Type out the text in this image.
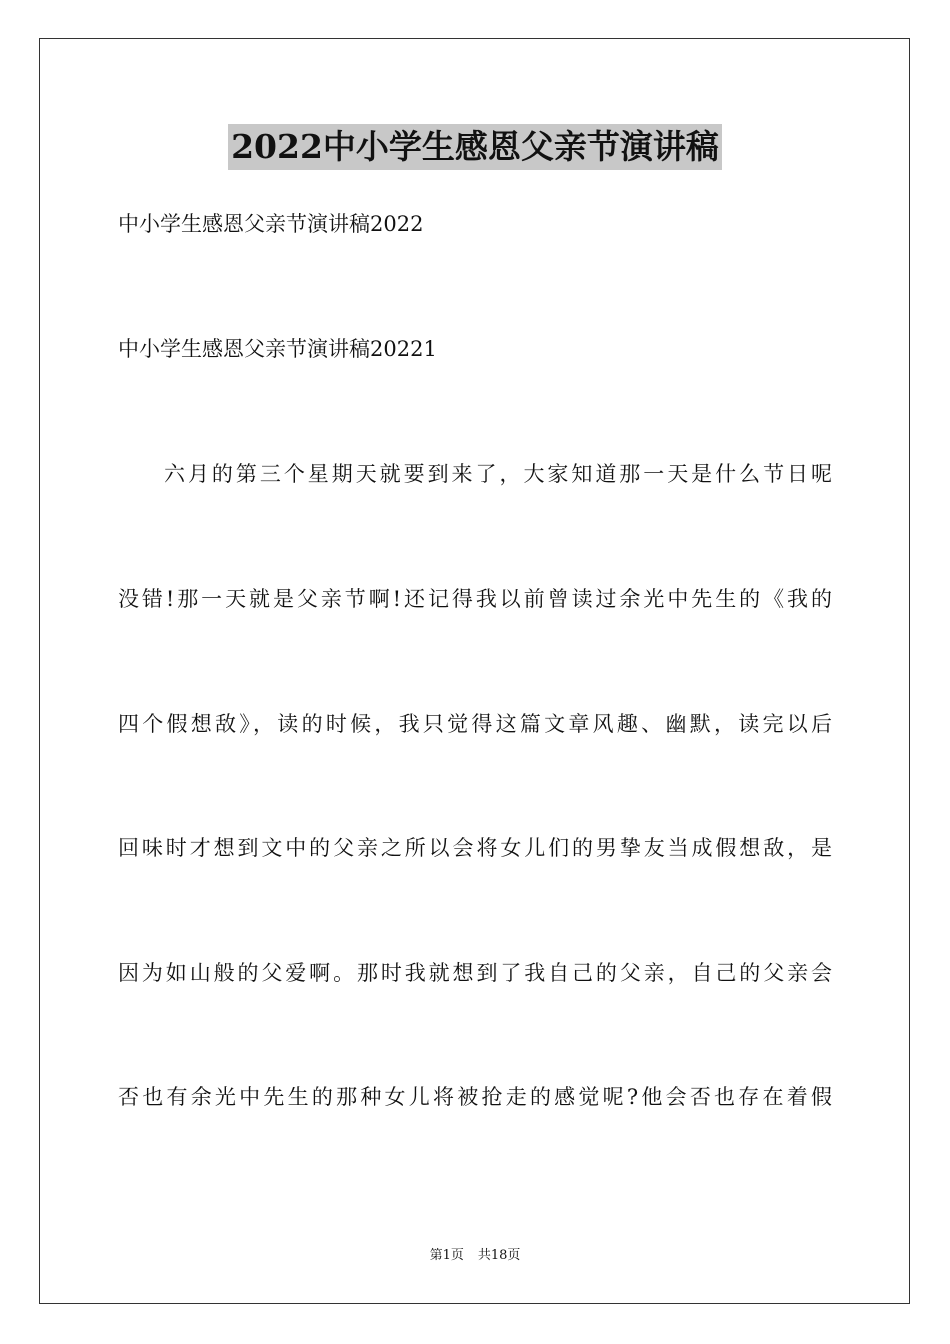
2022中小学生感恩父亲节演讲稿
中小学生感恩父亲节演讲稿2022
中小学生感恩父亲节演讲稿20221
六月的第三个星期天就要到来了，大家知道那一天是什么节日呢
没错!那一天就是父亲节啊!还记得我以前曾读过余光中先生的《我的
四个假想敌》，读的时候，我只觉得这篇文章风趣、幽默，读完以后
回味时才想到文中的父亲之所以会将女儿们的男挚友当成假想敌，是
因为如山般的父爱啊。那时我就想到了我自己的父亲，自己的父亲会
否也有余光中先生的那种女儿将被抢走的感觉呢?他会否也存在着假
第1页 共18页
